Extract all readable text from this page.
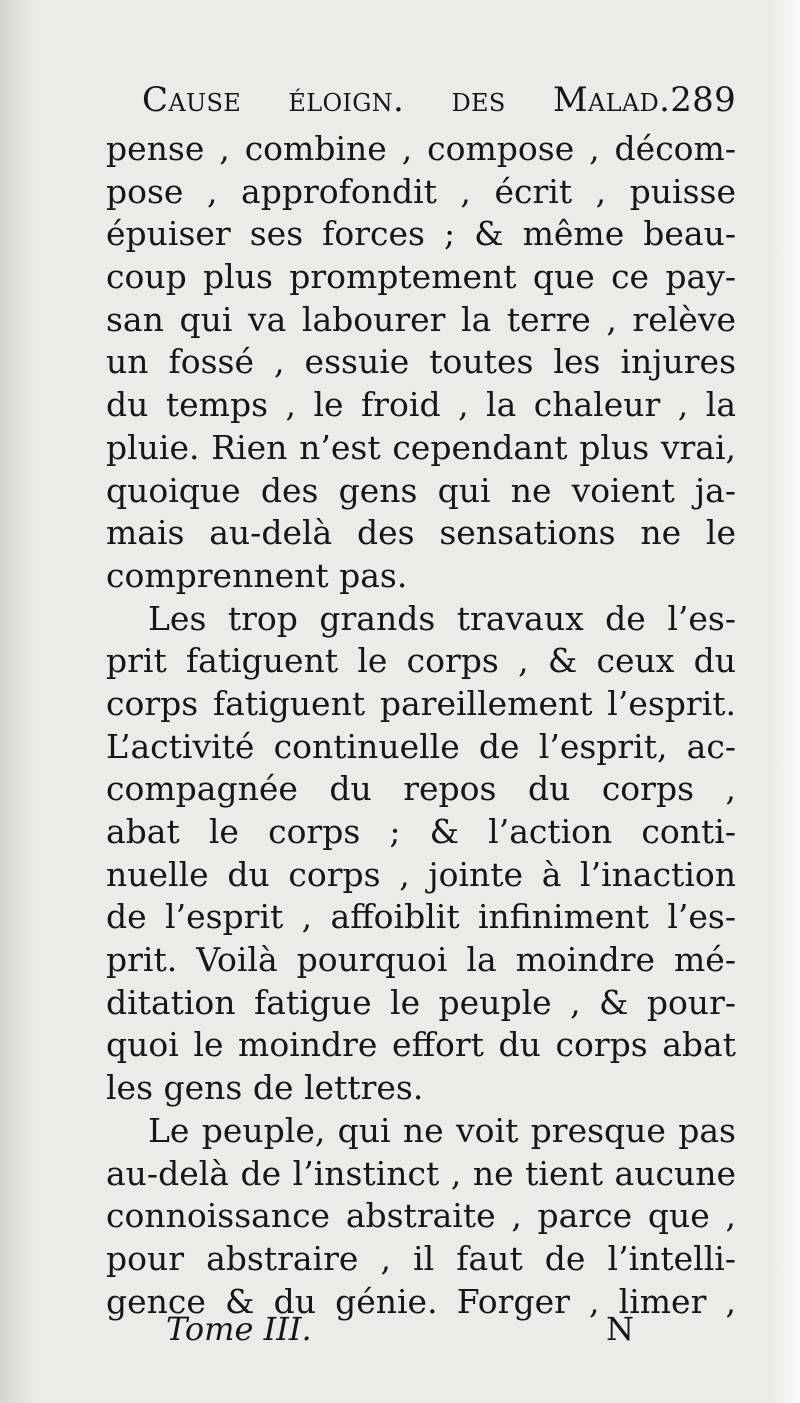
Cause éloign. des Malad. 289
pense , combine , compose , décom-
pose , approfondit , écrit , puisse
épuiser ses forces ; & même beau-
coup plus promptement que ce pay-
san qui va labourer la terre , relève
un fossé , essuie toutes les injures
du temps , le froid , la chaleur , la
pluie. Rien n’est cependant plus vrai,
quoique des gens qui ne voient ja-
mais au-delà des sensations ne le
comprennent pas.
Les trop grands travaux de l’es-
prit fatiguent le corps , & ceux du
corps fatiguent pareillement l’esprit.
L’activité continuelle de l’esprit, ac-
compagnée du repos du corps ,
abat le corps ; & l’action conti-
nuelle du corps , jointe à l’inaction
de l’esprit , affoiblit infiniment l’es-
prit. Voilà pourquoi la moindre mé-
ditation fatigue le peuple , & pour-
quoi le moindre effort du corps abat
les gens de lettres.
Le peuple, qui ne voit presque pas
au-delà de l’instinct , ne tient aucune
connoissance abstraite , parce que ,
pour abstraire , il faut de l’intelli-
gence & du génie. Forger , limer ,
Tome III.	N
